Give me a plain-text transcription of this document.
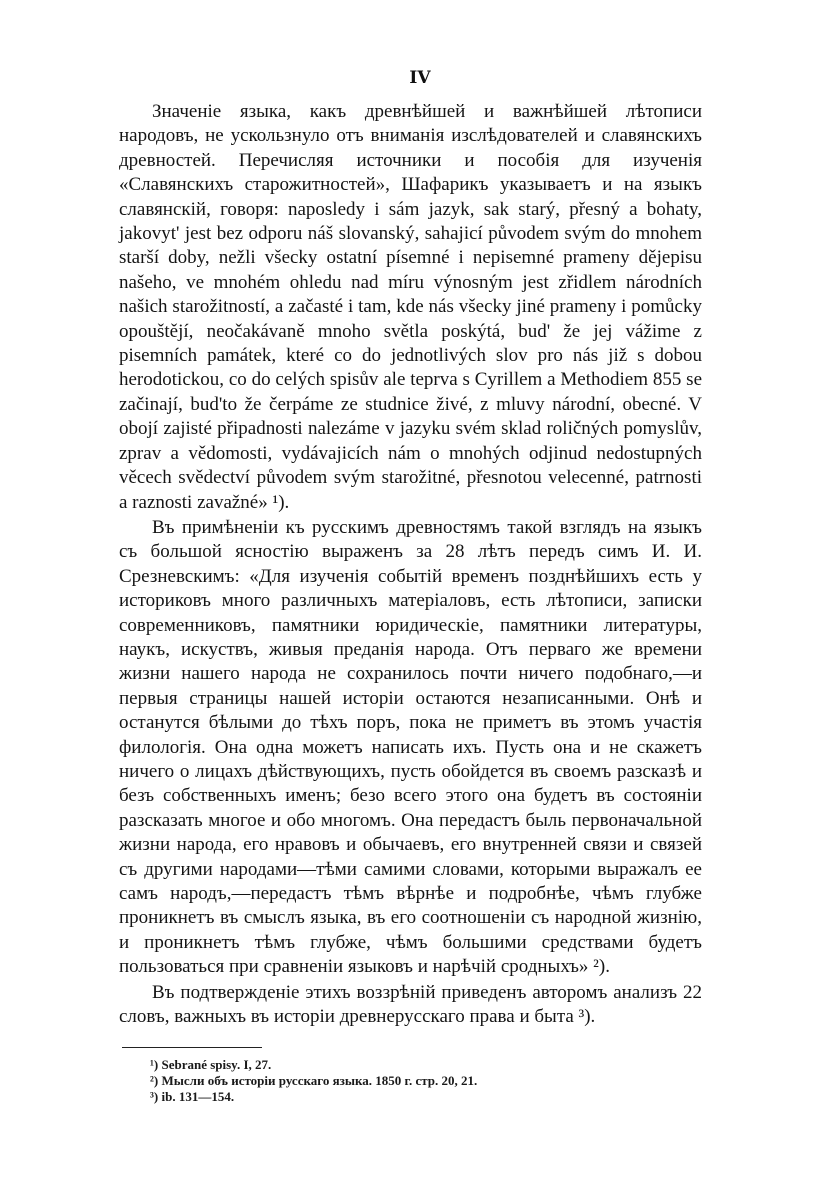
IV

Значеніе языка, какъ древнѣйшей и важнѣйшей лѣтописи народовъ, не ускользнуло отъ вниманія изслѣдователей и славянскихъ древностей. Перечисляя источники и пособія для изученія «Славянскихъ старожитностей», Шафарикъ указываетъ и на языкъ славянскій, говоря: naposledy i sám jazyk, sak starý, přesný a bohaty, jakovyt' jest bez odporu náš slovanský, sahajicí původem svým do mnohem starší doby, nežli všecky ostatní písemné i nepisemné prameny dějepisu našeho, ve mnohém ohledu nad míru výnosným jest zřidlem národních našich starožitností, a začasté i tam, kde nás všecky jiné prameny i pomůcky opouštějí, neočakávaně mnoho světla poskýtá, bud' že jej vážime z pisemních památek, které co do jednotlivých slov pro nás již s dobou herodotickou, co do celých spisův ale teprva s Cyrillem a Methodiem 855 se začinají, bud'to že čerpáme ze studnice živé, z mluvy národní, obecné. V obojí zajisté připadnosti nalezáme v jazyku svém sklad roličných pomyslův, zprav a vědomosti, vydávajicích nám o mnohých odjinud nedostupných věcech svědectví původem svým starožitné, přesnotou velecenné, patrnosti a raznosti zavažné» ¹).

Въ примѣненіи къ русскимъ древностямъ такой взглядъ на языкъ съ большой ясностію выраженъ за 28 лѣтъ передъ симъ И. И. Срезневскимъ: «Для изученія событій временъ позднѣйшихъ есть у историковъ много различныхъ матеріаловъ, есть лѣтописи, записки современниковъ, памятники юридическіе, памятники литературы, наукъ, искуствъ, живыя преданія народа. Отъ перваго же времени жизни нашего народа не сохранилось почти ничего подобнаго,—и первыя страницы нашей исторіи остаются незаписанными. Онѣ и останутся бѣлыми до тѣхъ поръ, пока не приметъ въ этомъ участія филологія. Она одна можетъ написать ихъ. Пусть она и не скажетъ ничего о лицахъ дѣйствующихъ, пусть обойдется въ своемъ разсказѣ и безъ собственныхъ именъ; безо всего этого она будетъ въ состояніи разсказать многое и обо многомъ. Она передастъ быль первоначальной жизни народа, его нравовъ и обычаевъ, его внутренней связи и связей съ другими народами—тѣми самими словами, которыми выражалъ ее самъ народъ,—передастъ тѣмъ вѣрнѣе и подробнѣе, чѣмъ глубже проникнетъ въ смыслъ языка, въ его соотношеніи съ народной жизнію, и проникнетъ тѣмъ глубже, чѣмъ большими средствами будетъ пользоваться при сравненіи языковъ и нарѣчій сродныхъ» ²).

Въ подтвержденіе этихъ воззрѣній приведенъ авторомъ анализъ 22 словъ, важныхъ въ исторіи древнерусскаго права и быта ³).

¹) Sebrané spisy. I, 27.
²) Мысли объ исторіи русскаго языка. 1850 г. стр. 20, 21.
³) ib. 131—154.
